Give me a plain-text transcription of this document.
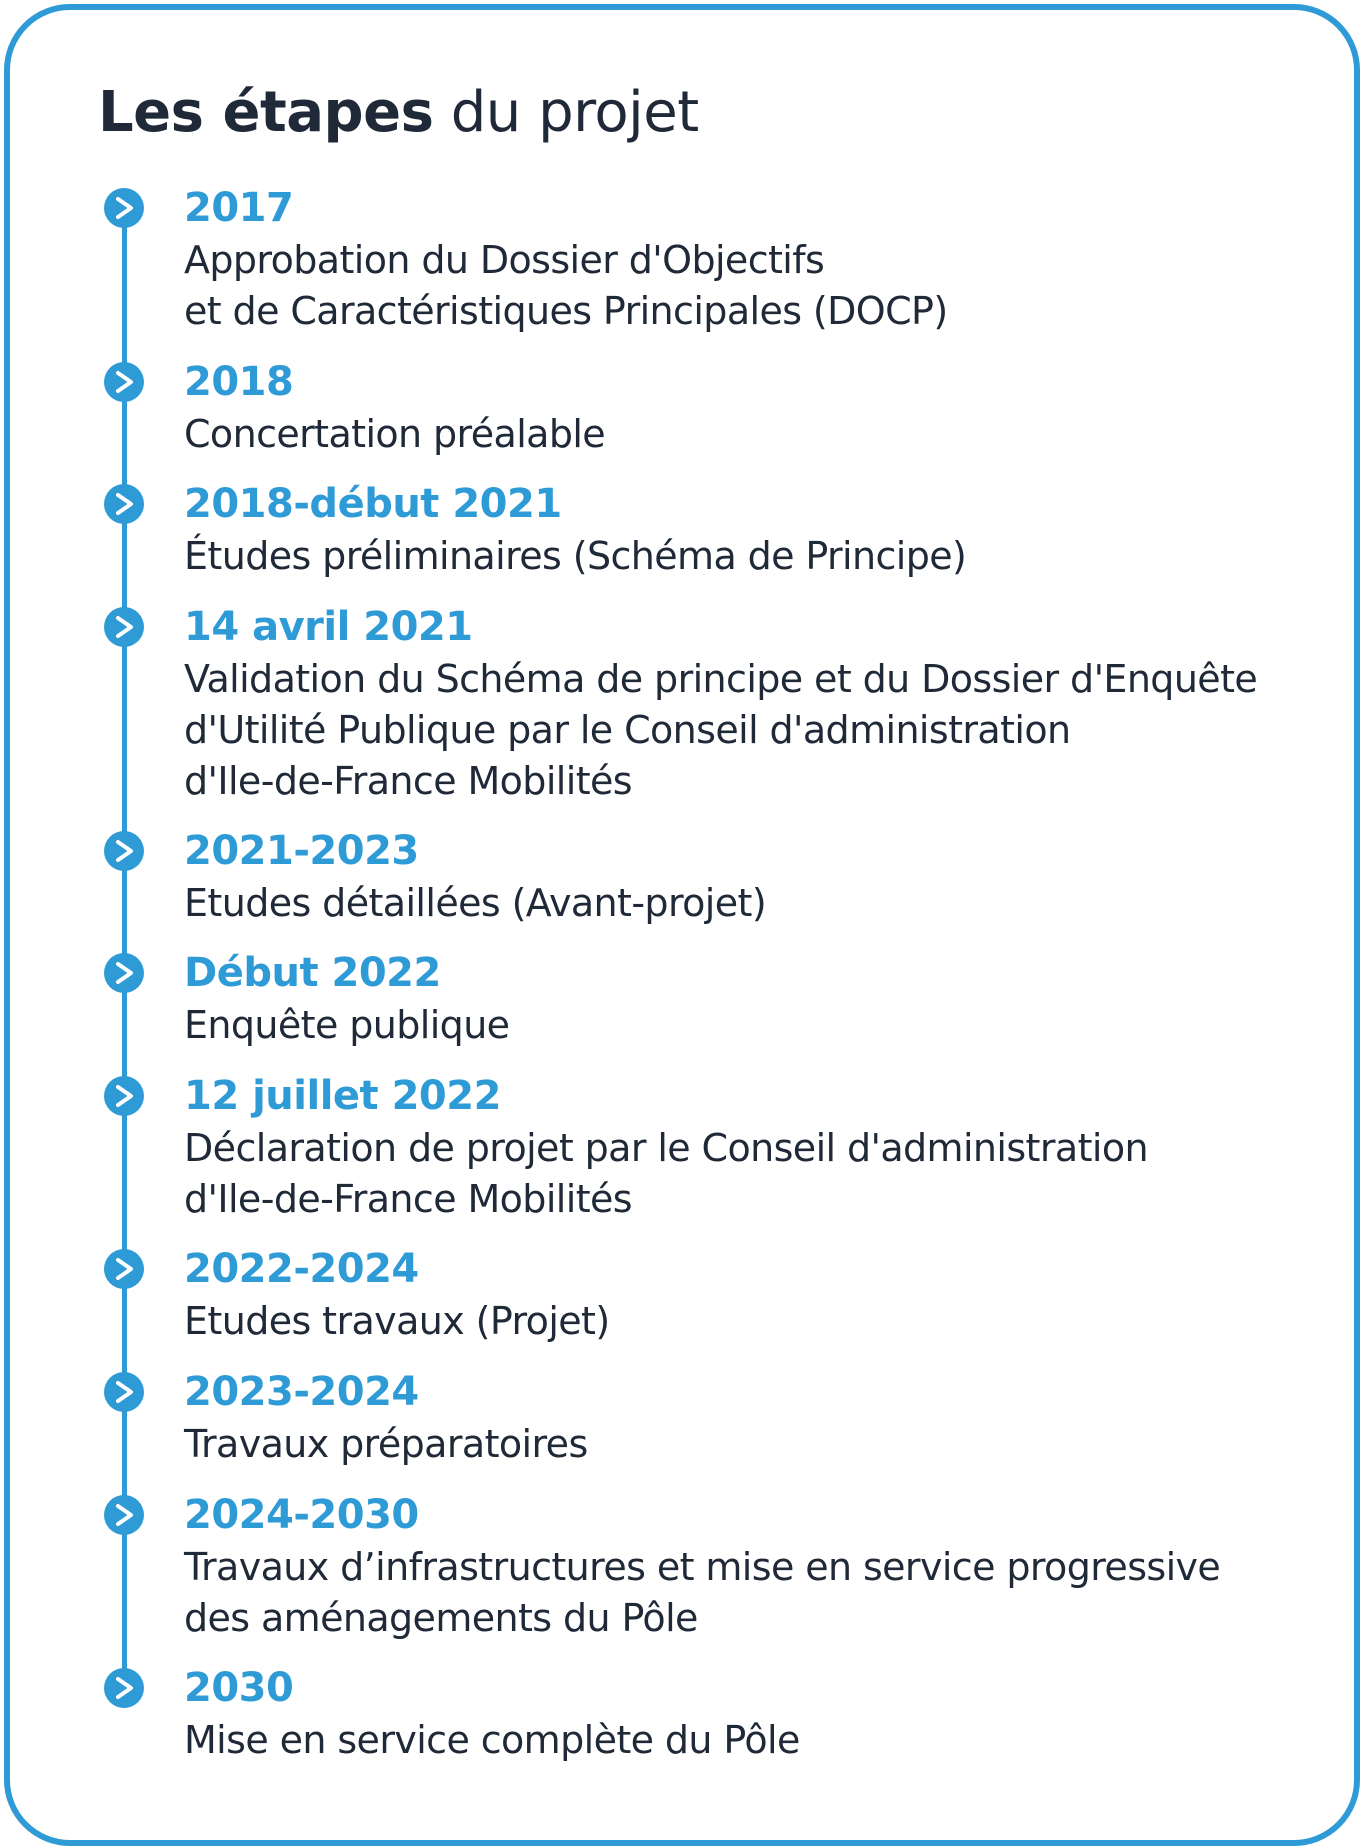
Les étapes du projet
2017
Approbation du Dossier d'Objectifs
et de Caractéristiques Principales (DOCP)
2018
Concertation préalable
2018-début 2021
Études préliminaires (Schéma de Principe)
14 avril 2021
Validation du Schéma de principe et du Dossier d'Enquête
d'Utilité Publique par le Conseil d'administration
d'Ile-de-France Mobilités
2021-2023
Etudes détaillées (Avant-projet)
Début 2022
Enquête publique
12 juillet 2022
Déclaration de projet par le Conseil d'administration
d'Ile-de-France Mobilités
2022-2024
Etudes travaux (Projet)
2023-2024
Travaux préparatoires
2024-2030
Travaux d’infrastructures et mise en service progressive
des aménagements du Pôle
2030
Mise en service complète du Pôle
